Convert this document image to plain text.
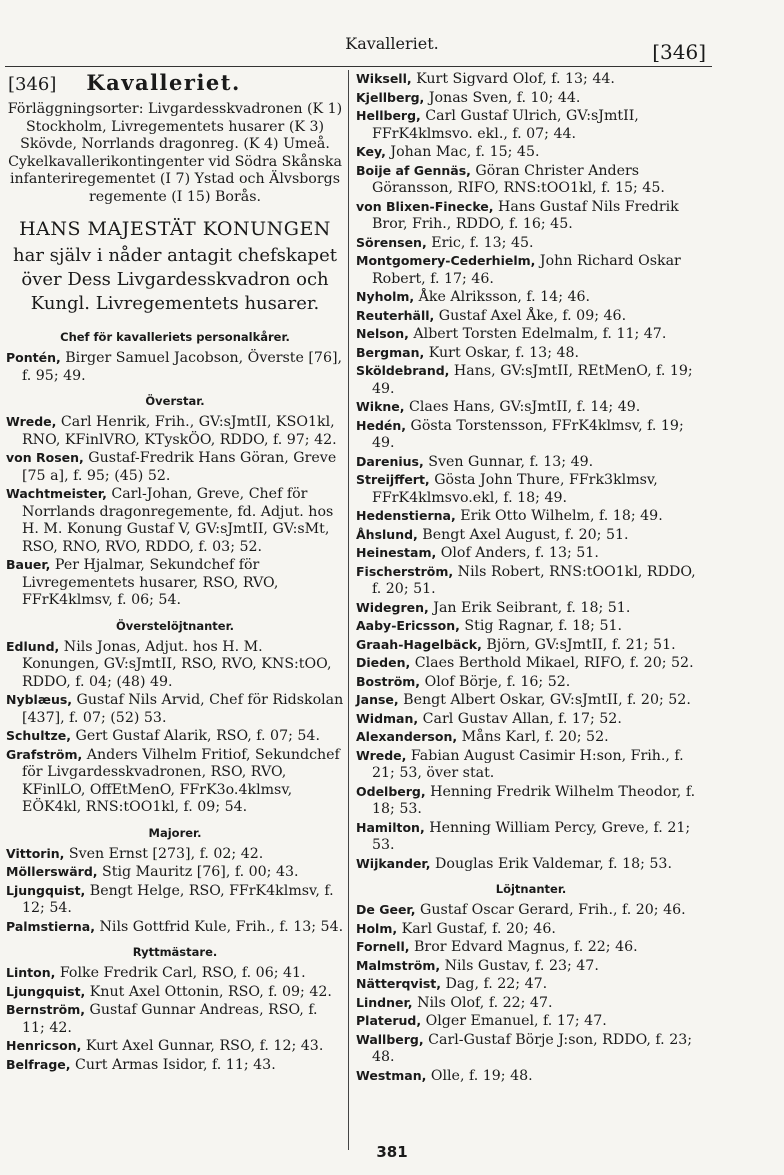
Kavalleriet.	[346]
[346] Kavalleriet.
Förläggningsorter: Livgardesskvadronen (K 1) Stockholm, Livregementets husarer (K 3) Skövde, Norrlands dragonreg. (K 4) Umeå.
Cykelkavallerikontingenter vid Södra Skånska infanteriregementet (I 7) Ystad och Älvsborgs regemente (I 15) Borås.
HANS MAJESTÄT KONUNGEN
har själv i nåder antagit chefskapet över Dess Livgardesskvadron och Kungl. Livregementets husarer.
Chef för kavalleriets personalkårer.
Pontén, Birger Samuel Jacobson, Överste [76], f. 95; 49.
Överstar.
Wrede, Carl Henrik, Frih., GV:sJmtII, KSO1kl, RNO, KFinlVRO, KTyskÖO, RDDO, f. 97; 42.
von Rosen, Gustaf-Fredrik Hans Göran, Greve [75 a], f. 95; (45) 52.
Wachtmeister, Carl-Johan, Greve, Chef för Norrlands dragonregemente, fd. Adjut. hos H. M. Konung Gustaf V, GV:sJmtII, GV:sMt, RSO, RNO, RVO, RDDO, f. 03; 52.
Bauer, Per Hjalmar, Sekundchef för Livregementets husarer, RSO, RVO, FFrK4klmsv, f. 06; 54.
Överstelöjtnanter.
Edlund, Nils Jonas, Adjut. hos H. M. Konungen, GV:sJmtII, RSO, RVO, KNS:tOO, RDDO, f. 04; (48) 49.
Nyblæus, Gustaf Nils Arvid, Chef för Ridskolan [437], f. 07; (52) 53.
Schultze, Gert Gustaf Alarik, RSO, f. 07; 54.
Grafström, Anders Vilhelm Fritiof, Sekundchef för Livgardesskvadronen, RSO, RVO, KFinlLO, OffEtMenO, FFrK3o.4klmsv, EÖK4kl, RNS:tOO1kl, f. 09; 54.
Majorer.
Vittorin, Sven Ernst [273], f. 02; 42.
Möllerswärd, Stig Mauritz [76], f. 00; 43.
Ljungquist, Bengt Helge, RSO, FFrK4klmsv, f. 12; 54.
Palmstierna, Nils Gottfrid Kule, Frih., f. 13; 54.
Ryttmästare.
Linton, Folke Fredrik Carl, RSO, f. 06; 41.
Ljungquist, Knut Axel Ottonin, RSO, f. 09; 42.
Bernström, Gustaf Gunnar Andreas, RSO, f. 11; 42.
Henricson, Kurt Axel Gunnar, RSO, f. 12; 43.
Belfrage, Curt Armas Isidor, f. 11; 43.
Wiksell, Kurt Sigvard Olof, f. 13; 44.
Kjellberg, Jonas Sven, f. 10; 44.
Hellberg, Carl Gustaf Ulrich, GV:sJmtII, FFrK4klmsvo. ekl., f. 07; 44.
Key, Johan Mac, f. 15; 45.
Boije af Gennäs, Göran Christer Anders Göransson, RIFO, RNS:tOO1kl, f. 15; 45.
von Blixen-Finecke, Hans Gustaf Nils Fredrik Bror, Frih., RDDO, f. 16; 45.
Sörensen, Eric, f. 13; 45.
Montgomery-Cederhielm, John Richard Oskar Robert, f. 17; 46.
Nyholm, Åke Alriksson, f. 14; 46.
Reuterhäll, Gustaf Axel Åke, f. 09; 46.
Nelson, Albert Torsten Edelmalm, f. 11; 47.
Bergman, Kurt Oskar, f. 13; 48.
Sköldebrand, Hans, GV:sJmtII, REtMenO, f. 19; 49.
Wikne, Claes Hans, GV:sJmtII, f. 14; 49.
Hedén, Gösta Torstensson, FFrK4klmsv, f. 19; 49.
Darenius, Sven Gunnar, f. 13; 49.
Streijffert, Gösta John Thure, FFrk3klmsv, FFrK4klmsvo.ekl, f. 18; 49.
Hedenstierna, Erik Otto Wilhelm, f. 18; 49.
Åhslund, Bengt Axel August, f. 20; 51.
Heinestam, Olof Anders, f. 13; 51.
Fischerström, Nils Robert, RNS:tOO1kl, RDDO, f. 20; 51.
Widegren, Jan Erik Seibrant, f. 18; 51.
Aaby-Ericsson, Stig Ragnar, f. 18; 51.
Graah-Hagelbäck, Björn, GV:sJmtII, f. 21; 51.
Dieden, Claes Berthold Mikael, RIFO, f. 20; 52.
Boström, Olof Börje, f. 16; 52.
Janse, Bengt Albert Oskar, GV:sJmtII, f. 20; 52.
Widman, Carl Gustav Allan, f. 17; 52.
Alexanderson, Måns Karl, f. 20; 52.
Wrede, Fabian August Casimir H:son, Frih., f. 21; 53, över stat.
Odelberg, Henning Fredrik Wilhelm Theodor, f. 18; 53.
Hamilton, Henning William Percy, Greve, f. 21; 53.
Wijkander, Douglas Erik Valdemar, f. 18; 53.
Löjtnanter.
De Geer, Gustaf Oscar Gerard, Frih., f. 20; 46.
Holm, Karl Gustaf, f. 20; 46.
Fornell, Bror Edvard Magnus, f. 22; 46.
Malmström, Nils Gustav, f. 23; 47.
Nätterqvist, Dag, f. 22; 47.
Lindner, Nils Olof, f. 22; 47.
Platerud, Olger Emanuel, f. 17; 47.
Wallberg, Carl-Gustaf Börje J:son, RDDO, f. 23; 48.
Westman, Olle, f. 19; 48.
381
